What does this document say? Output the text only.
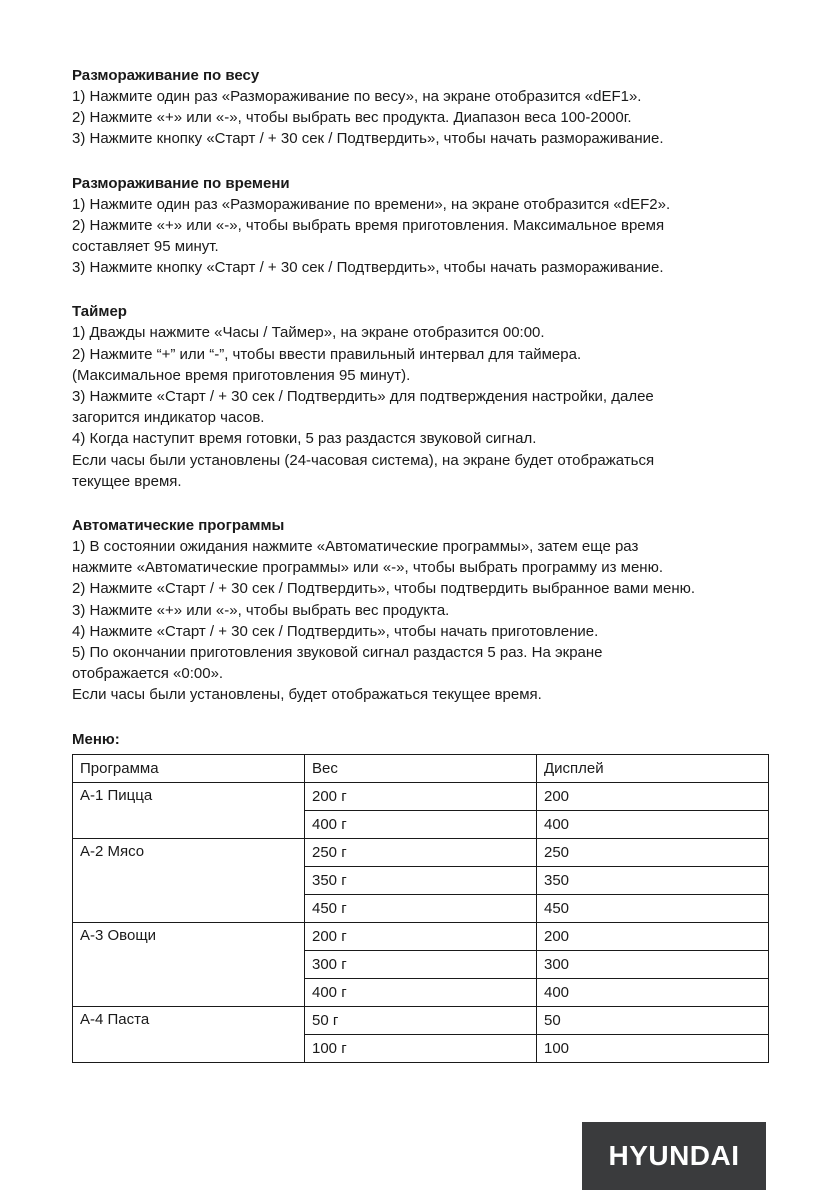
Размораживание по весу

1) Нажмите один раз «Размораживание по весу», на экране отобразится «dEF1».

2) Нажмите «+» или «-», чтобы выбрать вес продукта. Диапазон веса 100-2000г.

3) Нажмите кнопку «Старт / + 30 сек / Подтвердить», чтобы начать размораживание.

Размораживание по времени

1) Нажмите один раз «Размораживание по времени», на экране отобразится «dEF2».

2) Нажмите «+» или «-», чтобы выбрать время приготовления. Максимальное время

составляет 95 минут.

3) Нажмите кнопку «Старт / + 30 сек / Подтвердить», чтобы начать размораживание.

Таймер

1) Дважды нажмите «Часы / Таймер», на экране отобразится 00:00.

2) Нажмите “+” или “-”, чтобы ввести правильный интервал для таймера.

(Максимальное время приготовления 95 минут).

3) Нажмите «Старт / + 30 сек / Подтвердить» для подтверждения настройки, далее

загорится индикатор часов.

4) Когда наступит время готовки, 5 раз раздастся звуковой сигнал.

Если часы были установлены (24-часовая система), на экране будет отображаться

текущее время.

Автоматические программы

1) В состоянии ожидания нажмите «Автоматические программы», затем еще раз

нажмите «Автоматические программы» или «-», чтобы выбрать программу из меню.

2) Нажмите «Старт / + 30 сек / Подтвердить», чтобы подтвердить выбранное вами меню.

3) Нажмите «+» или «-», чтобы выбрать вес продукта.

4) Нажмите «Старт / + 30 сек / Подтвердить», чтобы начать приготовление.

5) По окончании приготовления звуковой сигнал раздастся 5 раз. На экране

отображается «0:00».

Если часы были установлены, будет отображаться текущее время.

Меню:
Программа	Вес	Дисплей
А-1 Пицца	200 г	200
	400 г	400
А-2 Мясо	250 г	250
	350 г	350
	450 г	450
А-3 Овощи	200 г	200
	300 г	300
	400 г	400
А-4 Паста	50 г	50
	100 г	100
HYUNDAI
